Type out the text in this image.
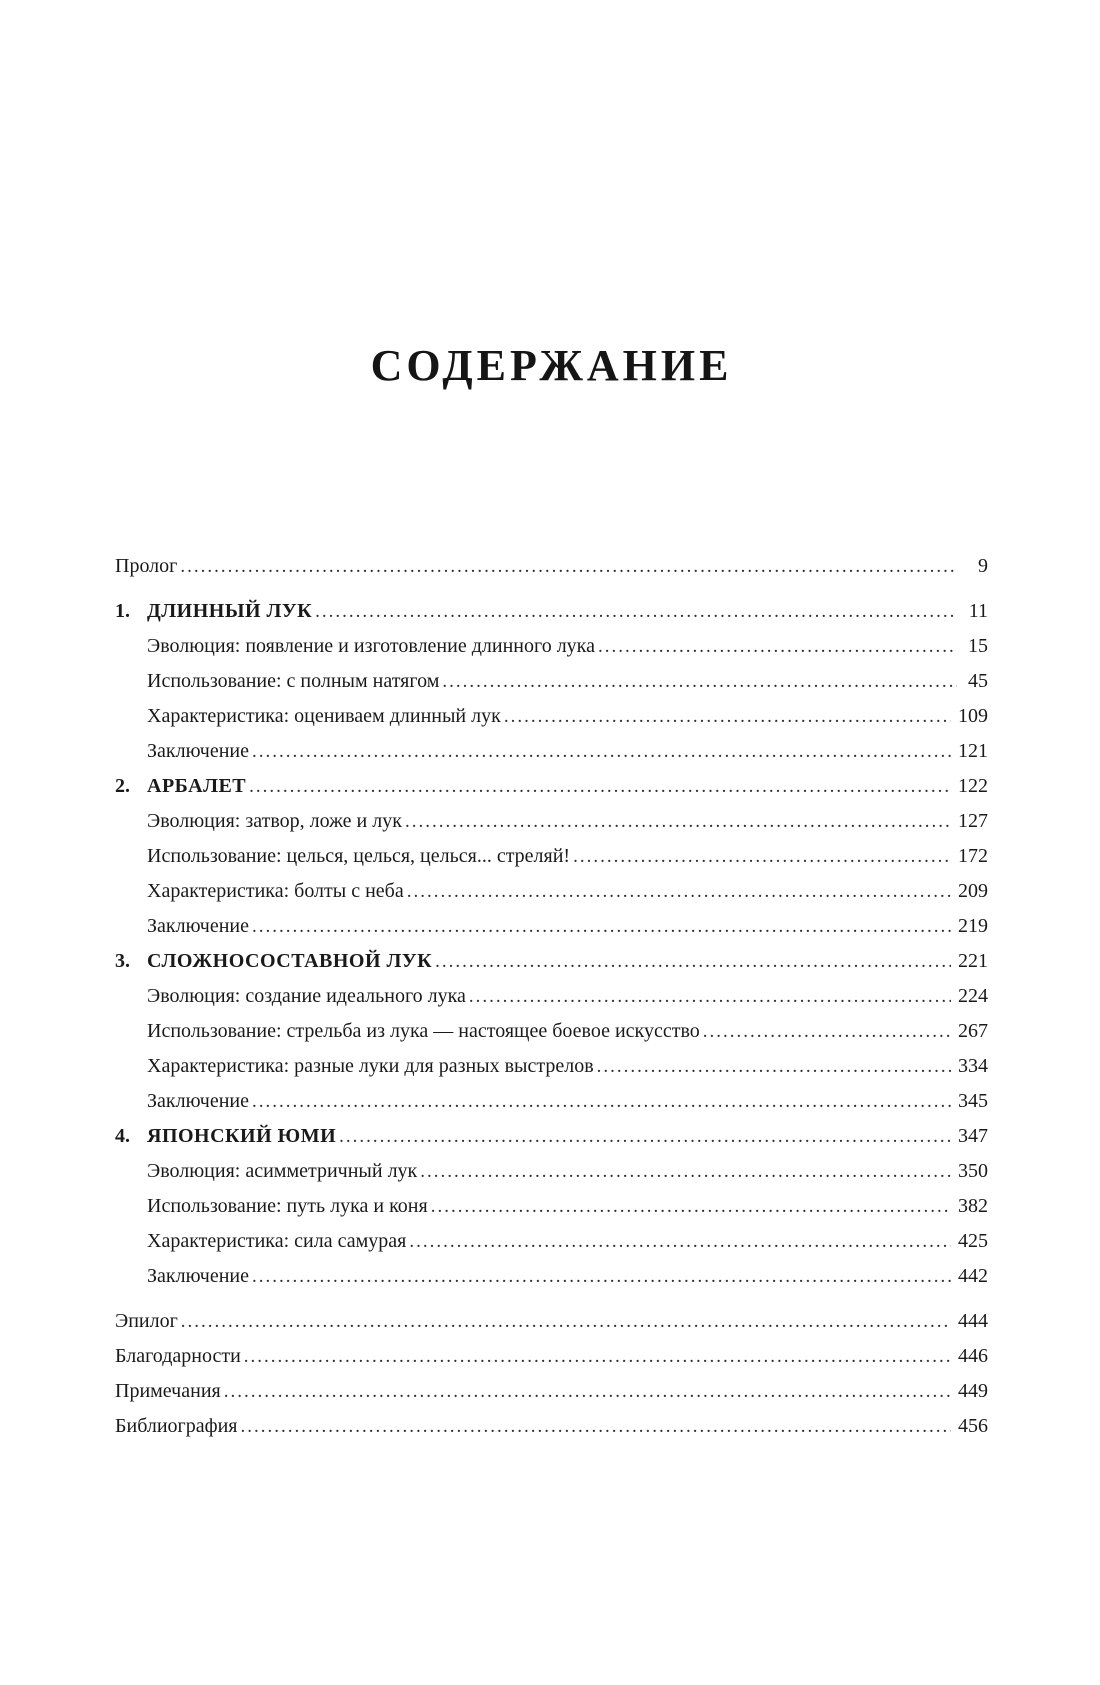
СОДЕРЖАНИЕ
Пролог .....	9
1. ДЛИННЫЙ ЛУК .....	11
Эволюция: появление и изготовление длинного лука .....	15
Использование: с полным натягом .....	45
Характеристика: оцениваем длинный лук .....	109
Заключение .....	121
2. АРБАЛЕТ .....	122
Эволюция: затвор, ложе и лук .....	127
Использование: целься, целься, целься... стреляй! .....	172
Характеристика: болты с неба .....	209
Заключение .....	219
3. СЛОЖНОСОСТАВНОЙ ЛУК .....	221
Эволюция: создание идеального лука .....	224
Использование: стрельба из лука — настоящее боевое искусство .....	267
Характеристика: разные луки для разных выстрелов .....	334
Заключение .....	345
4. ЯПОНСКИЙ ЮМИ .....	347
Эволюция: асимметричный лук .....	350
Использование: путь лука и коня .....	382
Характеристика: сила самурая .....	425
Заключение .....	442
Эпилог .....	444
Благодарности .....	446
Примечания .....	449
Библиография .....	456
